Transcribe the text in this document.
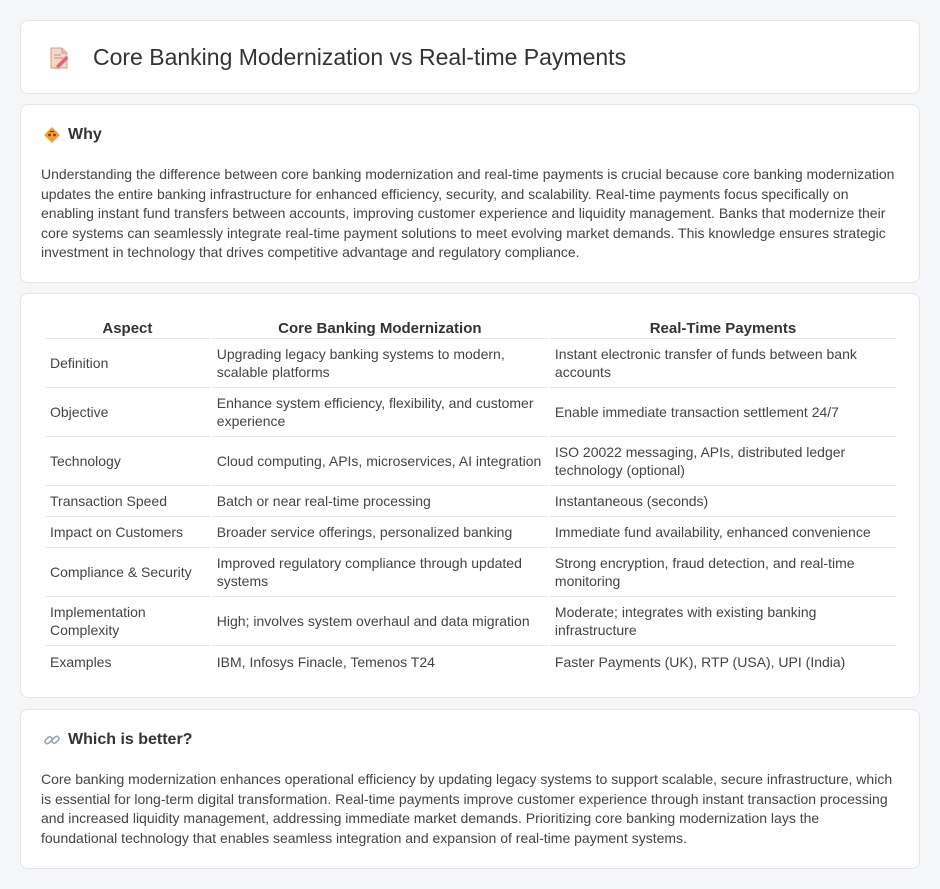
Core Banking Modernization vs Real-time Payments
Why

Understanding the difference between core banking modernization and real-time payments is crucial because core banking modernization updates the entire banking infrastructure for enhanced efficiency, security, and scalability. Real-time payments focus specifically on enabling instant fund transfers between accounts, improving customer experience and liquidity management. Banks that modernize their core systems can seamlessly integrate real-time payment solutions to meet evolving market demands. This knowledge ensures strategic investment in technology that drives competitive advantage and regulatory compliance.

Aspect	Core Banking Modernization	Real-Time Payments
Definition	Upgrading legacy banking systems to modern, scalable platforms	Instant electronic transfer of funds between bank accounts
Objective	Enhance system efficiency, flexibility, and customer experience	Enable immediate transaction settlement 24/7
Technology	Cloud computing, APIs, microservices, AI integration	ISO 20022 messaging, APIs, distributed ledger technology (optional)
Transaction Speed	Batch or near real-time processing	Instantaneous (seconds)
Impact on Customers	Broader service offerings, personalized banking	Immediate fund availability, enhanced convenience
Compliance & Security	Improved regulatory compliance through updated systems	Strong encryption, fraud detection, and real-time monitoring
Implementation Complexity	High; involves system overhaul and data migration	Moderate; integrates with existing banking infrastructure
Examples	IBM, Infosys Finacle, Temenos T24	Faster Payments (UK), RTP (USA), UPI (India)
Which is better?

Core banking modernization enhances operational efficiency by updating legacy systems to support scalable, secure infrastructure, which is essential for long-term digital transformation. Real-time payments improve customer experience through instant transaction processing and increased liquidity management, addressing immediate market demands. Prioritizing core banking modernization lays the foundational technology that enables seamless integration and expansion of real-time payment systems.
